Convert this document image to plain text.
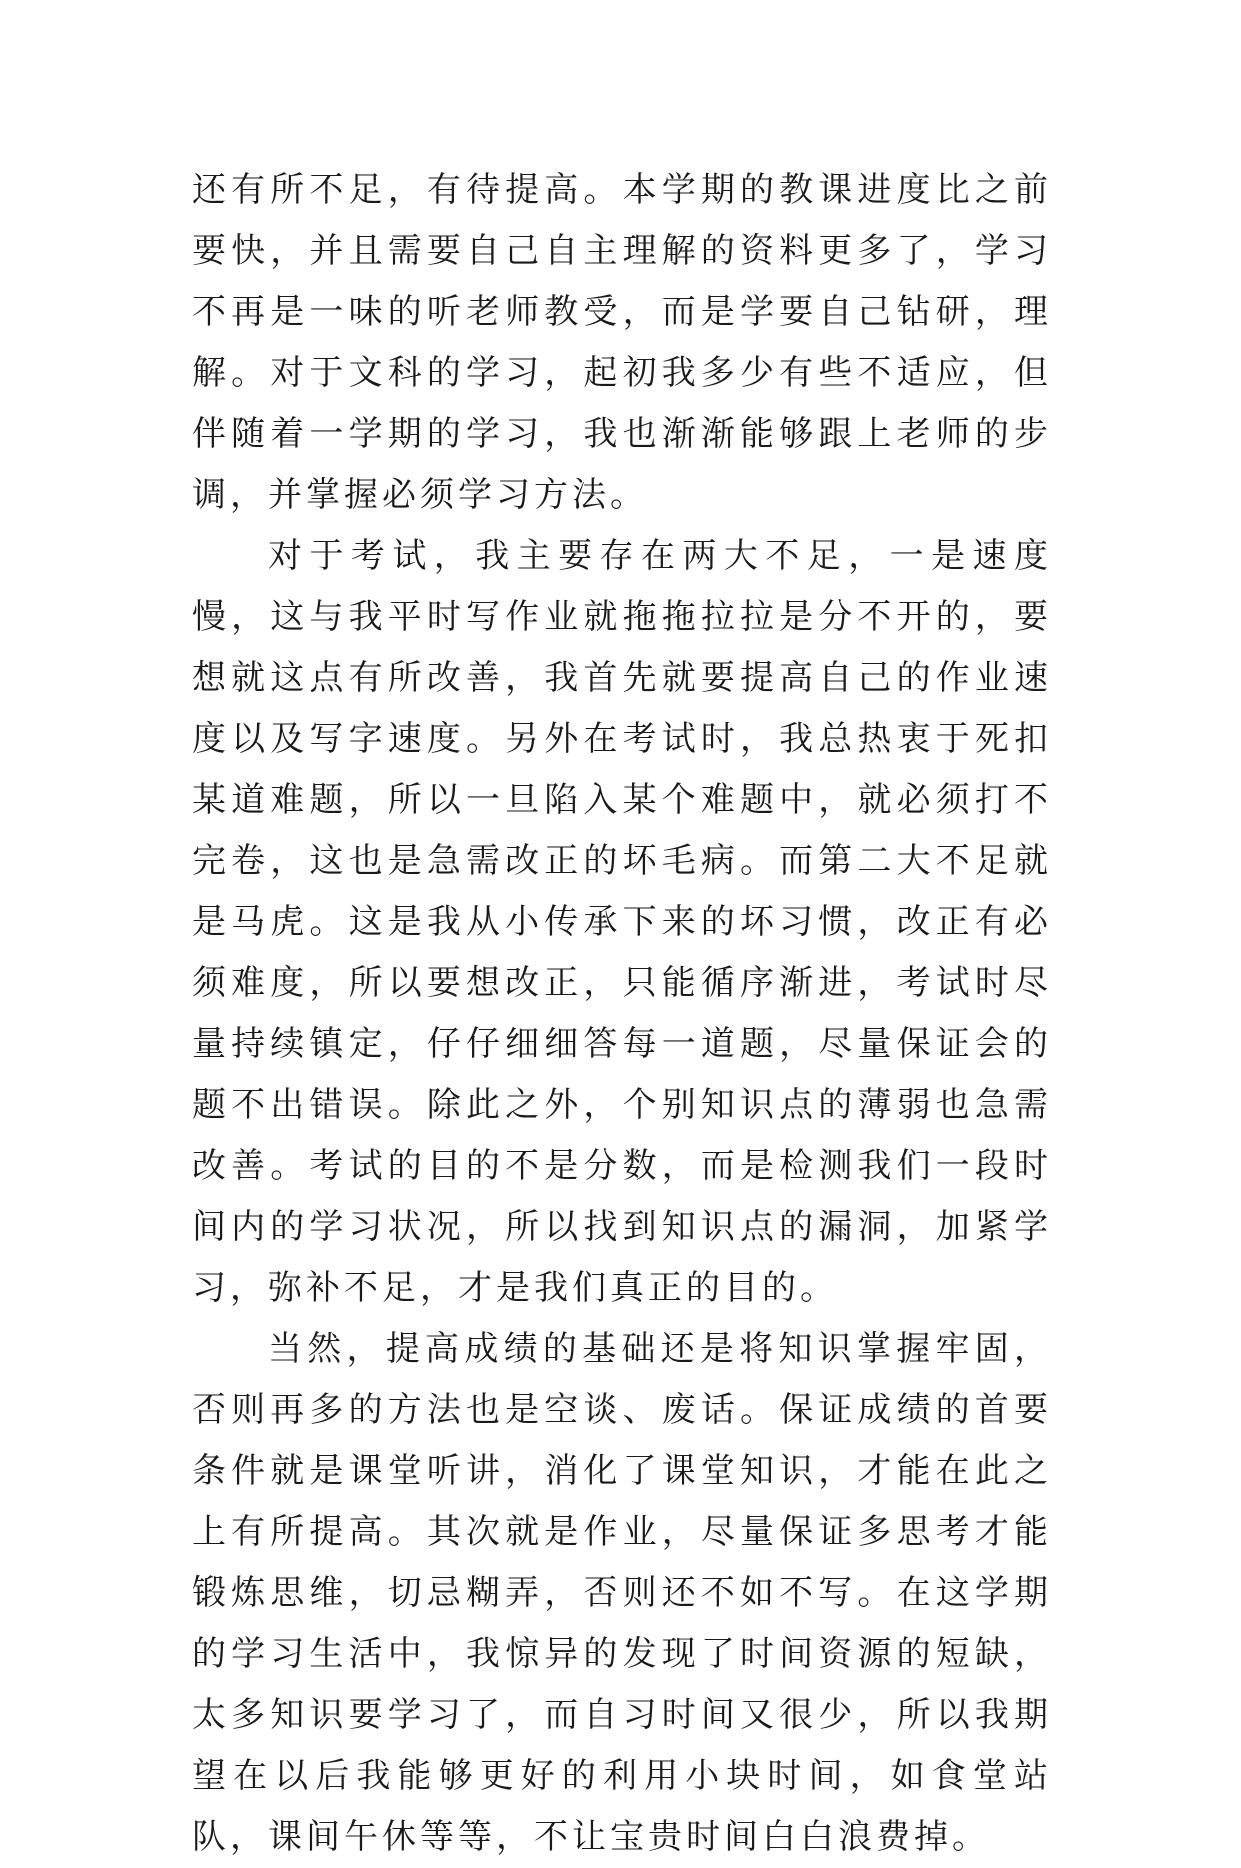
还有所不足，有待提高。本学期的教课进度比之前要快，并且需要自己自主理解的资料更多了，学习不再是一味的听老师教受，而是学要自己钻研，理解。对于文科的学习，起初我多少有些不适应，但伴随着一学期的学习，我也渐渐能够跟上老师的步调，并掌握必须学习方法。

对于考试，我主要存在两大不足，一是速度慢，这与我平时写作业就拖拖拉拉是分不开的，要想就这点有所改善，我首先就要提高自己的作业速度以及写字速度。另外在考试时，我总热衷于死扣某道难题，所以一旦陷入某个难题中，就必须打不完卷，这也是急需改正的坏毛病。而第二大不足就是马虎。这是我从小传承下来的坏习惯，改正有必须难度，所以要想改正，只能循序渐进，考试时尽量持续镇定，仔仔细细答每一道题，尽量保证会的题不出错误。除此之外，个别知识点的薄弱也急需改善。考试的目的不是分数，而是检测我们一段时间内的学习状况，所以找到知识点的漏洞，加紧学习，弥补不足，才是我们真正的目的。

当然，提高成绩的基础还是将知识掌握牢固，否则再多的方法也是空谈、废话。保证成绩的首要条件就是课堂听讲，消化了课堂知识，才能在此之上有所提高。其次就是作业，尽量保证多思考才能锻炼思维，切忌糊弄，否则还不如不写。在这学期的学习生活中，我惊异的发现了时间资源的短缺，太多知识要学习了，而自习时间又很少，所以我期望在以后我能够更好的利用小块时间，如食堂站队，课间午休等等，不让宝贵时间白白浪费掉。
